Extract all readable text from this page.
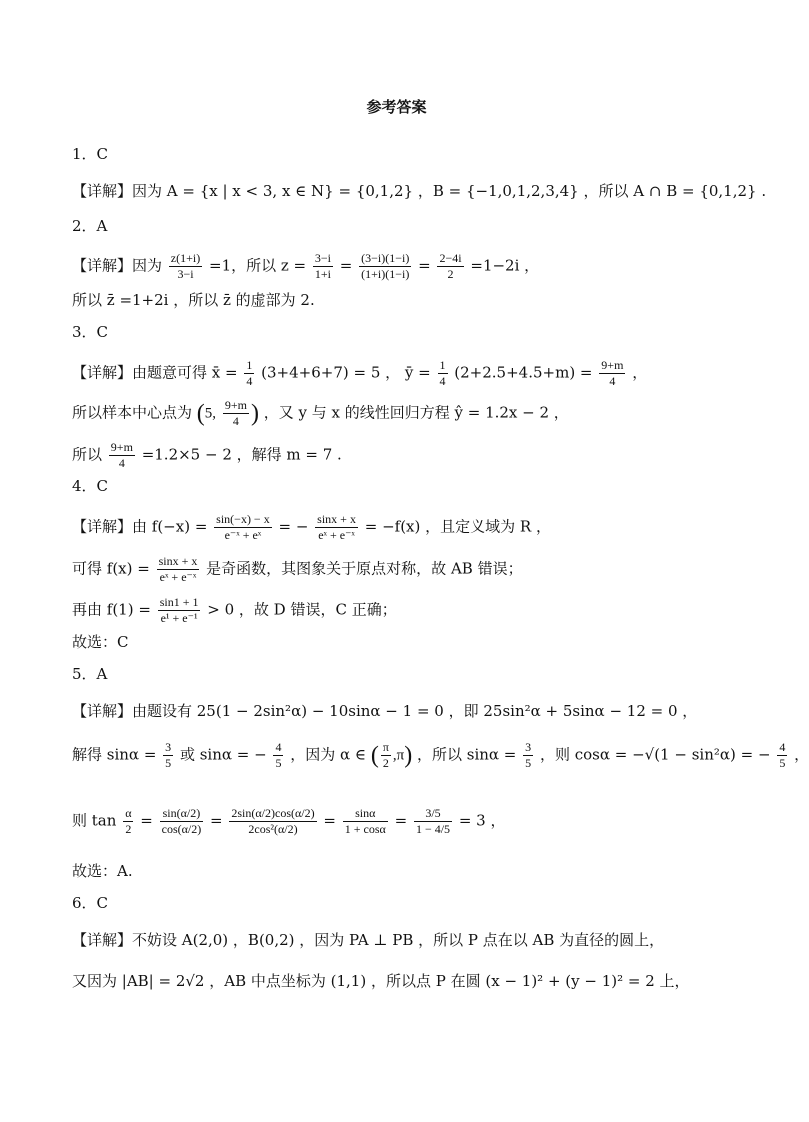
参考答案
1．C
【详解】因为 A = {x | x < 3, x ∈ N} = {0,1,2} ，B = {−1,0,1,2,3,4} ，所以 A ∩ B = {0,1,2} .
2．A
【详解】因为 $\frac{z(1+i)}{3-i} =1$，所以 $z = \frac{3-i}{1+i} = \frac{(3-i)(1-i)}{(1+i)(1-i)} = \frac{2-4i}{2} =1-2i$ ，
所以 z̄ =1+2i ，所以 z̄ 的虚部为 2.
3．C
【详解】由题意可得 x̄ = $\frac{1}{4} (3+4+6+7) = 5$ ， ȳ = $\frac{1}{4} (2+2.5+4.5+m) = \frac{9+m}{4}$ ，
所以样本中心点为 (5, $\frac{9+m}{4}$ ) ，又 y 与 x 的线性回归方程 ŷ = 1.2x − 2 ，
所以 $\frac{9+m}{4} =1.2\times 5 - 2$ ，解得 m = 7 .
4．C
【详解】由 $f(-x) = \frac{\sin(-x) - x}{\text{e⁻ˣ + eˣ}}$ = − $\frac{\sin x + x}{\text{eˣ + e⁻ˣ}} = -f(x)$ ，且定义域为 R ，
可得 $f(x) = \frac{\sin x + x}{\text{eˣ + e⁻ˣ}}$ 是奇函数，其图象关于原点对称，故 AB 错误；
再由 $f(1) = \frac{\sin 1 + 1}{\text{e¹ + e⁻¹}} > 0$ ，故 D 错误，C 正确；
故选：C
5．A
【详解】由题设有 25(1 − 2sin²α) − 10sinα − 1 = 0 ，即 25sin²α + 5sinα − 12 = 0 ，
解得 $\sin\alpha = \frac{3}{5}$ 或 sinα = − $\frac{4}{5}$ ，因为 α ∈ ( $\frac{\pi}{2} ,\pi$) ，所以 $\sin\alpha = \frac{3}{5}$ ，则 cosα = −√(1 − sin²α) = − $\frac{4}{5}$ ，
则 $\tan \frac{\alpha}{2} = \frac{\sin(\alpha/2)}{\cos(\alpha/2)} = \frac{2\sin(\alpha/2)\cos(\alpha/2)}{\text{2cos²(α/2)}} = \frac{\sin\alpha}{1 + \cos\alpha} = \frac{3/5}{1 - 4/5} = 3$ ，
故选：A.
6．C
【详解】不妨设 A(2,0) ，B(0,2) ，因为 PA ⊥ PB ，所以 P 点在以 AB 为直径的圆上，
又因为 |AB| = 2√2 ，AB 中点坐标为 (1,1) ，所以点 P 在圆 (x − 1)² + (y − 1)² = 2 上，
